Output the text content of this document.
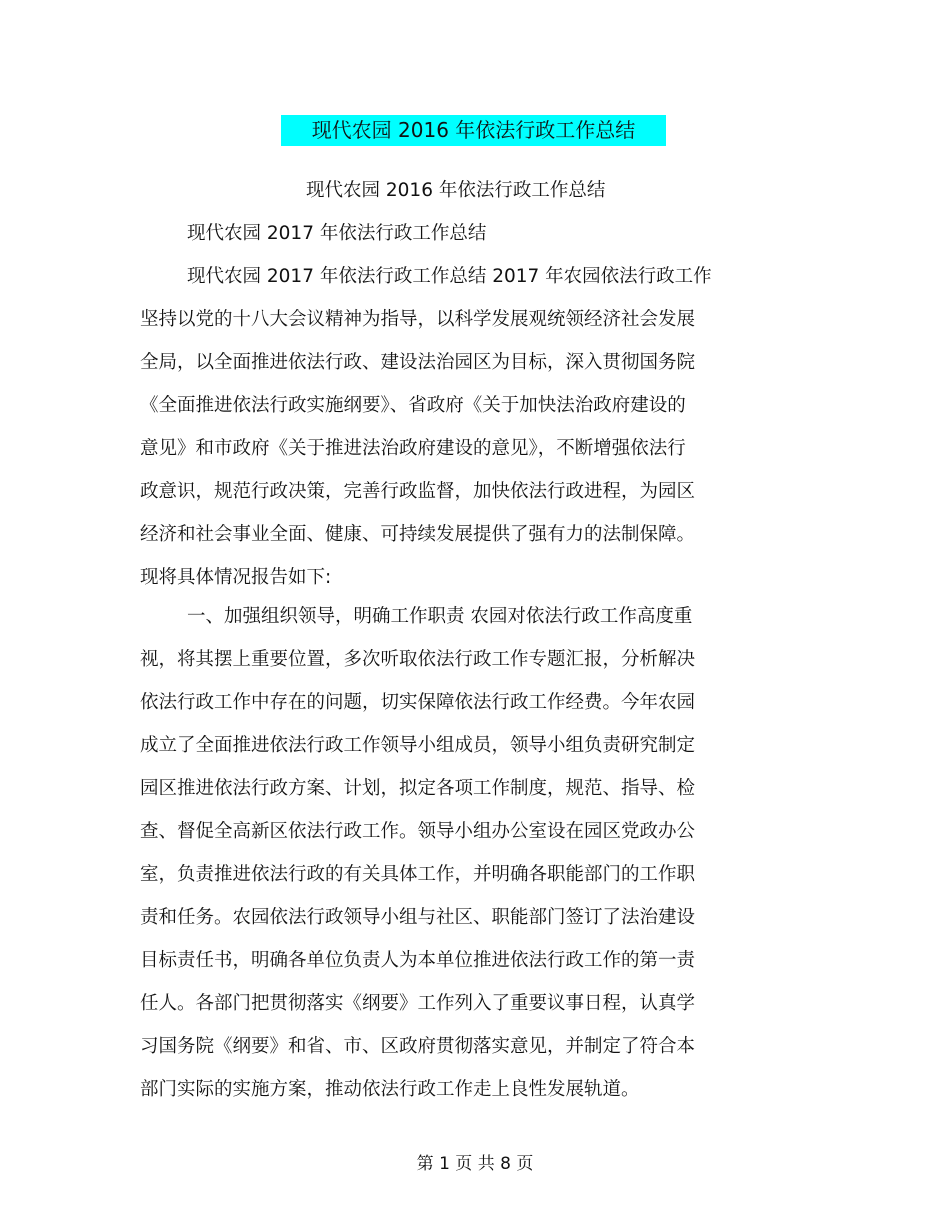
现代农园 2016 年依法行政工作总结
现代农园 2016 年依法行政工作总结
现代农园 2017 年依法行政工作总结
现代农园 2017 年依法行政工作总结 2017 年农园依法行政工作
坚持以党的十八大会议精神为指导，以科学发展观统领经济社会发展
全局，以全面推进依法行政、建设法治园区为目标，深入贯彻国务院
《全面推进依法行政实施纲要》、省政府《关于加快法治政府建设的
意见》和市政府《关于推进法治政府建设的意见》，不断增强依法行
政意识，规范行政决策，完善行政监督，加快依法行政进程，为园区
经济和社会事业全面、健康、可持续发展提供了强有力的法制保障。
现将具体情况报告如下:
一、加强组织领导，明确工作职责 农园对依法行政工作高度重
视，将其摆上重要位置，多次听取依法行政工作专题汇报，分析解决
依法行政工作中存在的问题，切实保障依法行政工作经费。今年农园
成立了全面推进依法行政工作领导小组成员，领导小组负责研究制定
园区推进依法行政方案、计划，拟定各项工作制度，规范、指导、检
查、督促全高新区依法行政工作。领导小组办公室设在园区党政办公
室，负责推进依法行政的有关具体工作，并明确各职能部门的工作职
责和任务。农园依法行政领导小组与社区、职能部门签订了法治建设
目标责任书，明确各单位负责人为本单位推进依法行政工作的第一责
任人。各部门把贯彻落实《纲要》工作列入了重要议事日程，认真学
习国务院《纲要》和省、市、区政府贯彻落实意见，并制定了符合本
部门实际的实施方案，推动依法行政工作走上良性发展轨道。
第 1 页 共 8 页
